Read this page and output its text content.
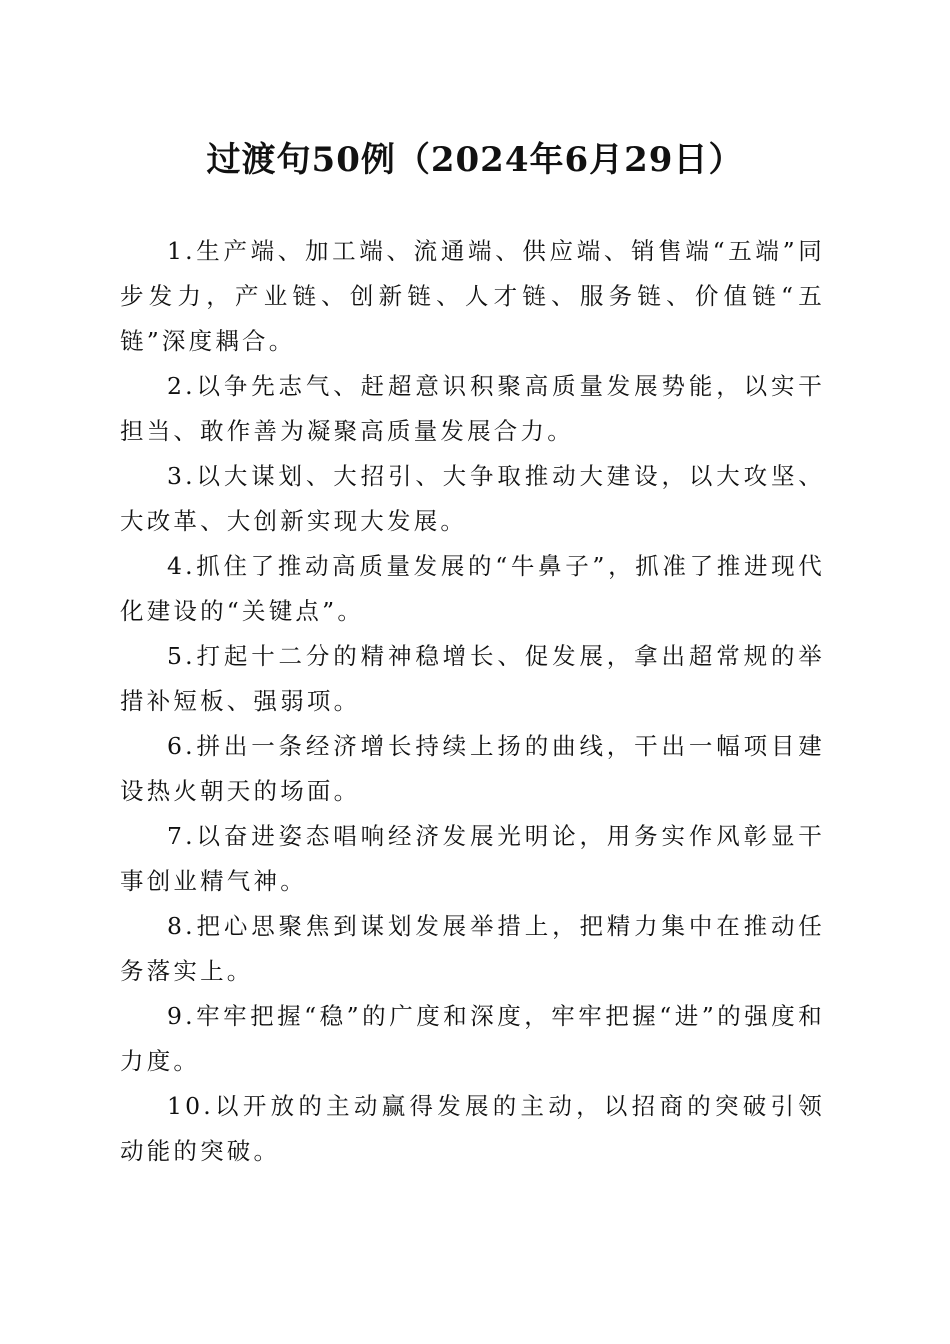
过渡句50例（2024年6月29日）

1.生产端、加工端、流通端、供应端、销售端“五端”同步发力，产业链、创新链、人才链、服务链、价值链“五链”深度耦合。

2.以争先志气、赶超意识积聚高质量发展势能，以实干担当、敢作善为凝聚高质量发展合力。

3.以大谋划、大招引、大争取推动大建设，以大攻坚、大改革、大创新实现大发展。

4.抓住了推动高质量发展的“牛鼻子”，抓准了推进现代化建设的“关键点”。

5.打起十二分的精神稳增长、促发展，拿出超常规的举措补短板、强弱项。

6.拼出一条经济增长持续上扬的曲线，干出一幅项目建设热火朝天的场面。

7.以奋进姿态唱响经济发展光明论，用务实作风彰显干事创业精气神。

8.把心思聚焦到谋划发展举措上，把精力集中在推动任务落实上。

9.牢牢把握“稳”的广度和深度，牢牢把握“进”的强度和力度。

10.以开放的主动赢得发展的主动，以招商的突破引领动能的突破。
